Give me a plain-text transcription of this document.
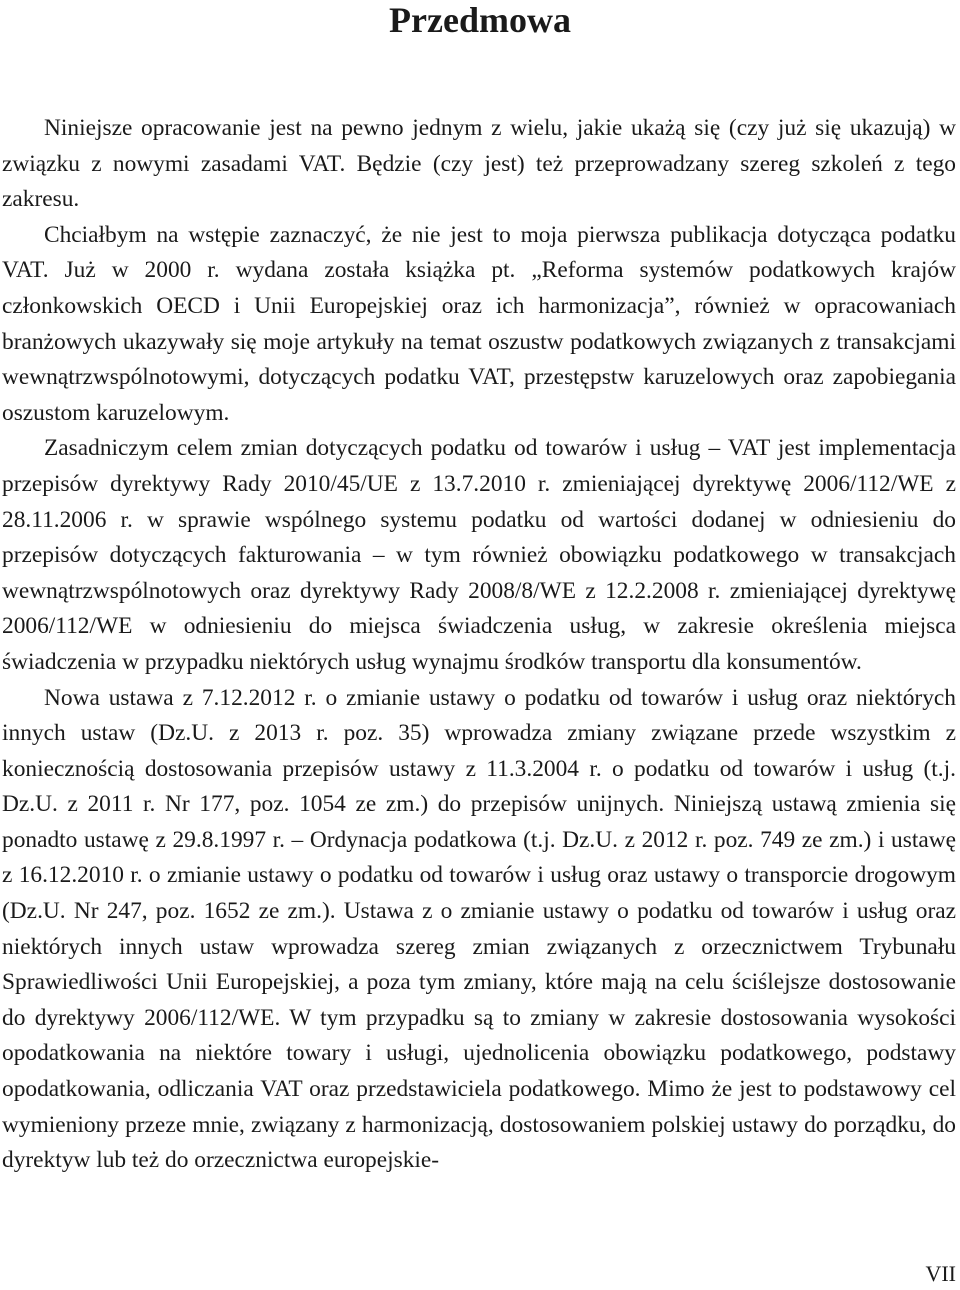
Przedmowa

Niniejsze opracowanie jest na pewno jednym z wielu, jakie ukażą się (czy już się ukazują) w związku z nowymi zasadami VAT. Będzie (czy jest) też przeprowadzany szereg szkoleń z tego zakresu.

Chciałbym na wstępie zaznaczyć, że nie jest to moja pierwsza publikacja dotycząca podatku VAT. Już w 2000 r. wydana została książka pt. „Reforma systemów podatkowych krajów członkowskich OECD i Unii Europejskiej oraz ich harmonizacja”, również w opracowaniach branżowych ukazywały się moje artykuły na temat oszustw podatkowych związanych z transakcjami wewnątrzwspólnotowymi, dotyczących podatku VAT, przestępstw karuzelowych oraz zapobiegania oszustom karuzelowym.

Zasadniczym celem zmian dotyczących podatku od towarów i usług – VAT jest implementacja przepisów dyrektywy Rady 2010/45/UE z 13.7.2010 r. zmieniającej dyrektywę 2006/112/WE z 28.11.2006 r. w sprawie wspólnego systemu podatku od wartości dodanej w odniesieniu do przepisów dotyczących fakturowania – w tym również obowiązku podatkowego w transakcjach wewnątrzwspólnotowych oraz dyrektywy Rady 2008/8/WE z 12.2.2008 r. zmieniającej dyrektywę 2006/112/WE w odniesieniu do miejsca świadczenia usług, w zakresie określenia miejsca świadczenia w przypadku niektórych usług wynajmu środków transportu dla konsumentów.

Nowa ustawa z 7.12.2012 r. o zmianie ustawy o podatku od towarów i usług oraz niektórych innych ustaw (Dz.U. z 2013 r. poz. 35) wprowadza zmiany związane przede wszystkim z koniecznością dostosowania przepisów ustawy z 11.3.2004 r. o podatku od towarów i usług (t.j. Dz.U. z 2011 r. Nr 177, poz. 1054 ze zm.) do przepisów unijnych. Niniejszą ustawą zmienia się ponadto ustawę z 29.8.1997 r. – Ordynacja podatkowa (t.j. Dz.U. z 2012 r. poz. 749 ze zm.) i ustawę z 16.12.2010 r. o zmianie ustawy o podatku od towarów i usług oraz ustawy o transporcie drogowym (Dz.U. Nr 247, poz. 1652 ze zm.). Ustawa z o zmianie ustawy o podatku od towarów i usług oraz niektórych innych ustaw wprowadza szereg zmian związanych z orzecznictwem Trybunału Sprawiedliwości Unii Europejskiej, a poza tym zmiany, które mają na celu ściślejsze dostosowanie do dyrektywy 2006/112/WE. W tym przypadku są to zmiany w zakresie dostosowania wysokości opodatkowania na niektóre towary i usługi, ujednolicenia obowiązku podatkowego, podstawy opodatkowania, odliczania VAT oraz przedstawiciela podatkowego. Mimo że jest to podstawowy cel wymieniony przeze mnie, związany z harmonizacją, dostosowaniem polskiej ustawy do porządku, do dyrektyw lub też do orzecznictwa europejskie-

VII
